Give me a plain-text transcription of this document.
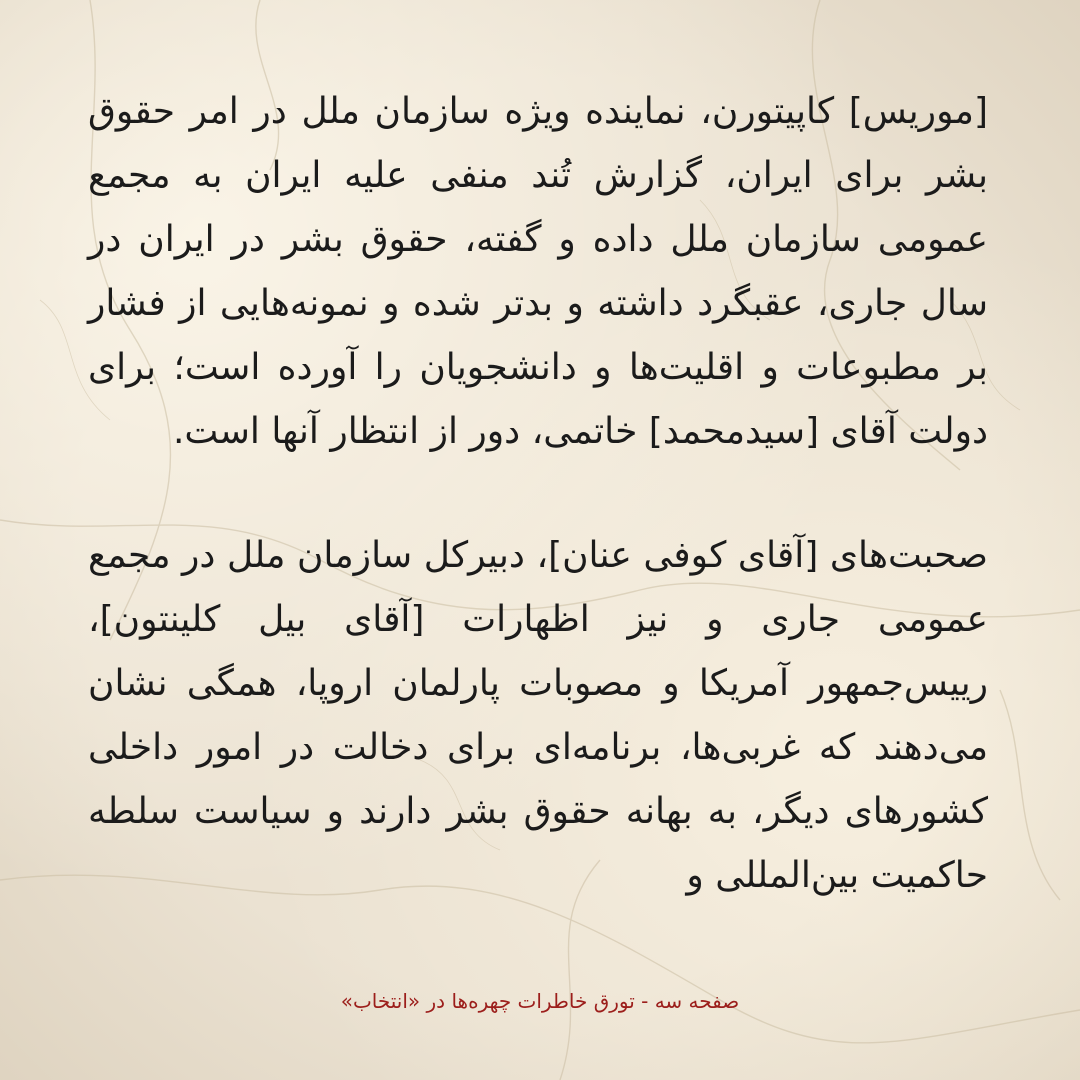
[موریس] کاپیتورن، نماینده ویژه سازمان ملل در امر حقوق بشر برای ایران، گزارش تُند منفی علیه ایران به مجمع عمومی سازمان ملل داده و گفته، حقوق بشر در ایران در سال جاری، عقبگرد داشته و بدتر شده و نمونه‌هایی از فشار بر مطبوعات و اقلیت‌ها و دانشجویان را آورده است؛ برای دولت آقای [سیدمحمد] خاتمی، دور از انتظار آنها است.

صحبت‌های [آقای کوفی عنان]، دبیرکل سازمان ملل در مجمع عمومی جاری و نیز اظهارات [آقای بیل کلینتون]، رییس‌جمهور آمریکا و مصوبات پارلمان اروپا، همگی نشان می‌دهند که غربی‌ها، برنامه‌ای برای دخالت در امور داخلی کشورهای دیگر، به بهانه حقوق بشر دارند و سیاست سلطه حاکمیت بین‌المللی و

صفحه سه - تورق خاطرات چهره‌ها در «انتخاب»
